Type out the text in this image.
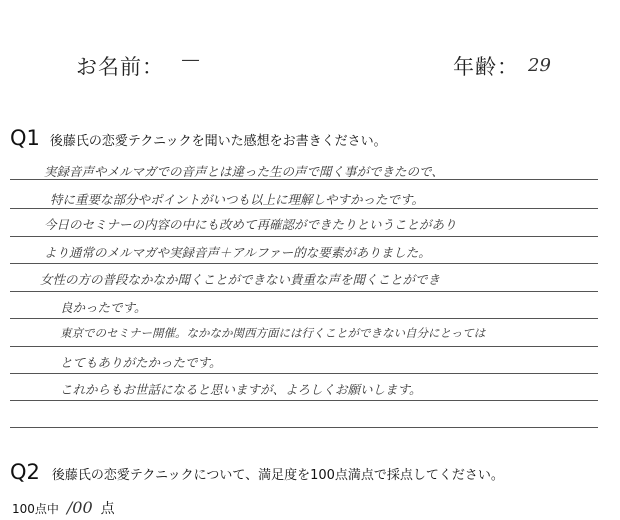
お名前： ―	年齢： 29
Q1 後藤氏の恋愛テクニックを聞いた感想をお書きください。
実録音声やメルマガでの音声とは違った生の声で聞く事ができたので、
特に重要な部分やポイントがいつも以上に理解しやすかったです。
今日のセミナーの内容の中にも改めて再確認ができたりということがあり
より通常のメルマガや実録音声＋アルファー的な要素がありました。
女性の方の普段なかなか聞くことができない貴重な声を聞くことができ
良かったです。
東京でのセミナー開催。なかなか関西方面には行くことができない自分にとっては
とてもありがたかったです。
これからもお世話になると思いますが、よろしくお願いします。
Q2 後藤氏の恋愛テクニックについて、満足度を100点満点で採点してください。
100点中 /00 点
